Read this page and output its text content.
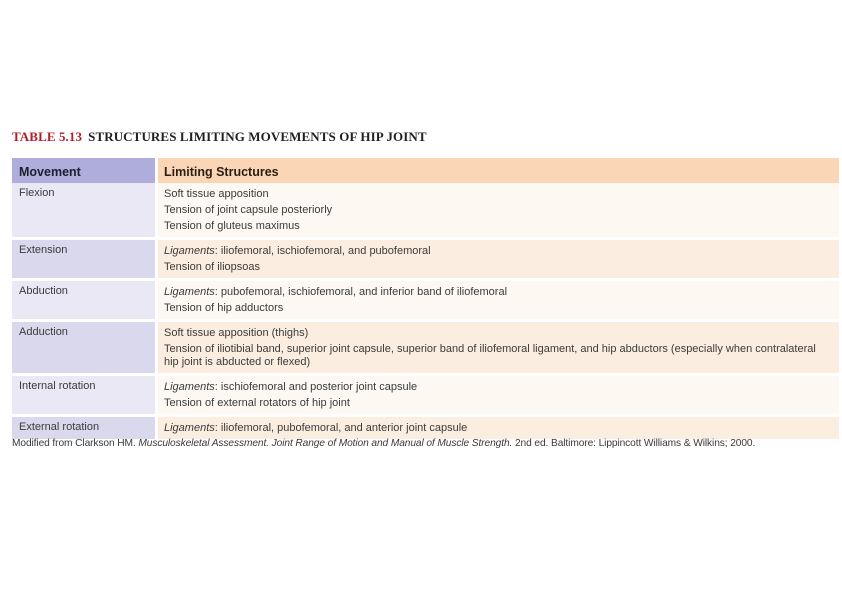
TABLE 5.13 STRUCTURES LIMITING MOVEMENTS OF HIP JOINT
Movement	Limiting Structures
Flexion	Soft tissue apposition
Tension of joint capsule posteriorly
Tension of gluteus maximus
Extension	Ligaments: iliofemoral, ischiofemoral, and pubofemoral
Tension of iliopsoas
Abduction	Ligaments: pubofemoral, ischiofemoral, and inferior band of iliofemoral
Tension of hip adductors
Adduction	Soft tissue apposition (thighs)
Tension of iliotibial band, superior joint capsule, superior band of iliofemoral ligament, and hip abductors (especially when contralateral hip joint is abducted or flexed)
Internal rotation	Ligaments: ischiofemoral and posterior joint capsule
Tension of external rotators of hip joint
External rotation	Ligaments: iliofemoral, pubofemoral, and anterior joint capsule
Modified from Clarkson HM. Musculoskeletal Assessment. Joint Range of Motion and Manual of Muscle Strength. 2nd ed. Baltimore: Lippincott Williams & Wilkins; 2000.
